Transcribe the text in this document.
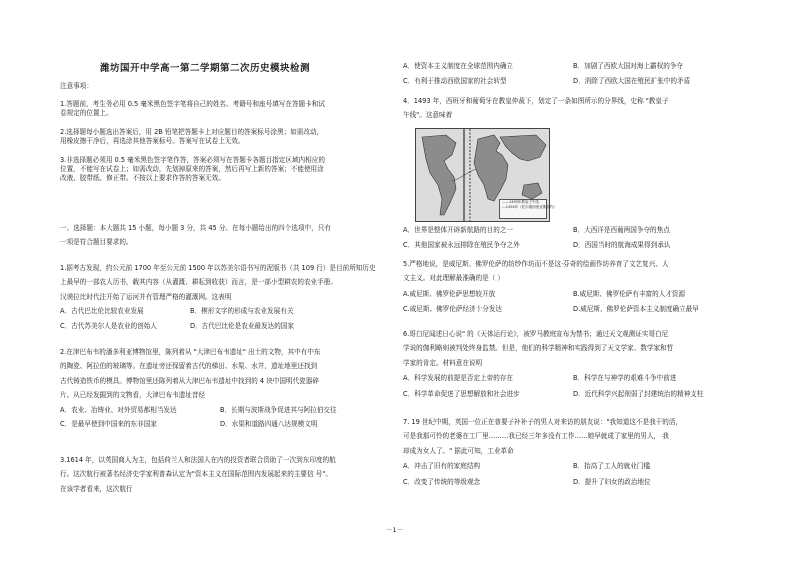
潍坊国开中学高一第二学期第二次历史模块检测

注意事项：

1.答题前，考生务必用 0.5 毫米黑色签字笔将自己的姓名、考籍号和座号填写在答题卡和试

卷规定的位置上。

2.选择题每小题选出答案后，用 2B 铅笔把答题卡上对应题目的答案标号涂黑；如需改动，

用橡皮擦干净后，再选涂其他答案标号。答案写在试卷上无效。

3.非选择题必须用 0.5 毫米黑色签字笔作答，答案必须写在答题卡各题目指定区域内相应的

位置，不能写在试卷上；如需改动，先划掉原来的答案，然后再写上新的答案；不能使用涂

改液、胶带纸、修正带。不按以上要求作答的答案无效。

一、选择题：本大题共 15 小题，每小题 3 分，共 45 分。在每小题给出的四个选项中，只有

一项是符合题目要求的。

1.据考古发现，约公元前 1700 年至公元前 1500 年以苏美尔语书写的泥版书（共 109 行）是目前所知历史

上最早的一部农人历书，载其内容（从灌溉、耕耘到收获）而言，是一部小型耕农的农业手册。

汉谟拉比时代注开始了运河并有管理严格的灌溉网。这表明

A．古代巴比伦比较农业发展	B．楔形文字的形成与农业发展有关
C．古代苏美尔人是农业的创始人	D．古代巴比伦是农业最发达的国家

2.在津巴布韦的潘多利亚博物馆里，陈列着从 "大津巴布韦遗址" 出土的文物，其中有中东

的陶瓷、阿拉伯的玻璃等。在遗址旁还保留着古代的梯田、水渠、水井，遗址地里还找到

古代铸造铁币的模具。博物馆里还陈列着从大津巴布韦遗址中找到的 4 块中国明代瓷器碎

片。从已经发掘到的文物看，大津巴布韦遗址昔经

A．农业、冶铸业、对外贸易都相当发达	B．长期与波斯战争促进其与阿拉伯交往
C．是最早使到中国来的东非国家	D．水渠和道路四通八达规模文明

3.1614 年，以英国商人为主，包括荷兰人和法国人在内的投资者联合资助了一次到东印度的航

行。这次航行被著名经济史学家利普森认定为"资本主义在国际范围内发展起来的主要信 号"。

在该学者看来，这次航行

A．使资本主义制度在全球范围内确立	B．加剧了西欧大国对海上霸权的争夺
C．有利于推动西欧国家的社会转型	D．消除了西欧大国在殖民扩张中的矛盾

4．1493 年，西班牙和葡萄牙在教皇仲裁下，划定了一条如图所示的分界线，史称 "教皇子

午线"。这意味着

——1493年教皇子午线
---1494年《托尔德西里亚斯条约》
A．世界是整体开辟新航路的目的之一	B．大西洋是西葡两国争夺的焦点
C．其他国家被永远排除在殖民争夺之外	D．西国当时的航海成果得到承认

5.严格地说，是威尼斯、佛罗伦萨的纺纱作坊而不是这·芬奇的绘画作坊养育了文艺复兴、人

文主义。对此理解最准确的是（ ）

A.威尼斯、佛罗伦萨思想较开放	B.威尼斯、佛罗伦萨有丰富的人才资源
C.威尼斯、佛罗伦萨经济十分发达	D.威尼斯、佛罗伦萨资本主义制度确立最早

6.哥白尼闻述日心说" 的《天体运行论》，被罗马教庭宣布为禁书；通过天文观测证实哥白尼

学说的伽利略则被判处终身监禁。但是，他们的科学精神和实践得到了天文学家、数学家和哲

学家的肯定。材料意在说明

A．科学发展的前提是否定上帝的存在	B．科学在与神学的艰难斗争中前进
C．科学革命促进了思想解放和社会进步	D．近代科学兴起削弱了封建统治的精神支柱

7. 19 世纪中期，英国一位正在普要子补补子的男人对来访的朋友说："我知道这不是我干的活，

可是我那可怜的老婆在工厂里………我已经三年多没有工作……她早就成了家里的男人， 我

却成为女人了。" 据此可知，工业革命

A．冲击了旧有的家庭结构	B．抬高了工人的就业门槛
C．改变了传统的等级观念	D．提升了妇女的政治地位
－1－
